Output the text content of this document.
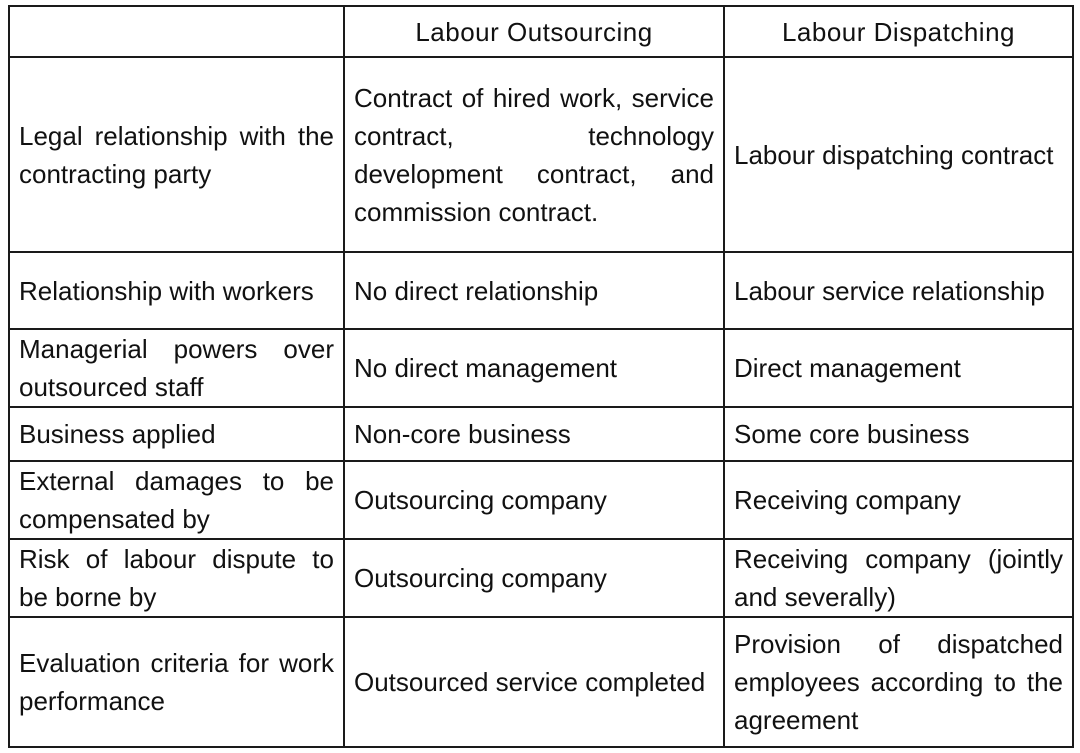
	Labour Outsourcing	Labour Dispatching
Legal relationship with the contracting party	Contract of hired work, service contract, technology development contract, and commission contract.	Labour dispatching contract
Relationship with workers	No direct relationship	Labour service relationship
Managerial powers over outsourced staff	No direct management	Direct management
Business applied	Non-core business	Some core business
External damages to be compensated by	Outsourcing company	Receiving company
Risk of labour dispute to be borne by	Outsourcing company	Receiving company (jointly and severally)
Evaluation criteria for work performance	Outsourced service completed	Provision of dispatched employees according to the agreement
